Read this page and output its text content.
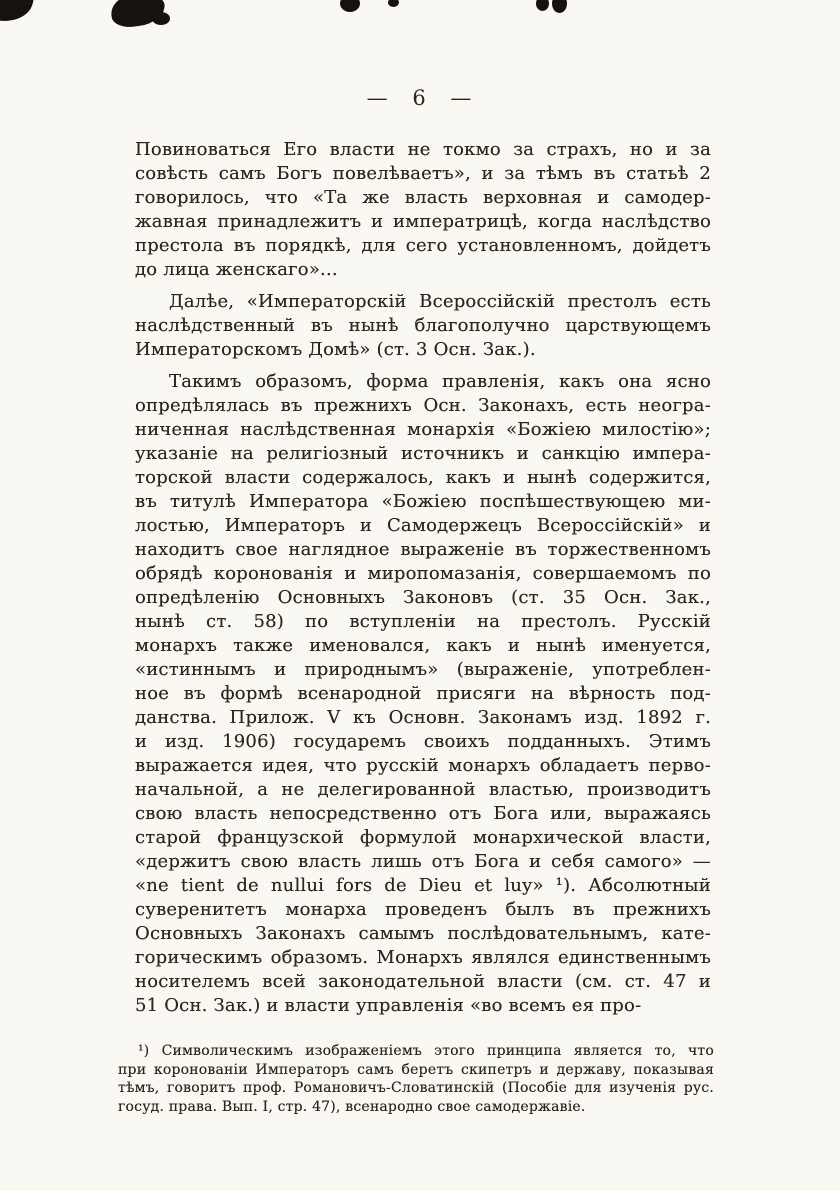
— 6 —
Повиноваться Его власти не токмо за страхъ, но и за
совѣсть самъ Богъ повелѣваетъ», и за тѣмъ въ статьѣ 2
говорилось, что «Та же власть верховная и самодер-
жавная принадлежитъ и императрицѣ, когда наслѣдство
престола въ порядкѣ, для сего установленномъ, дойдетъ
до лица женскаго»...
Далѣе, «Императорскій Всероссійскій престолъ есть
наслѣдственный въ нынѣ благополучно царствующемъ
Императорскомъ Домѣ» (ст. 3 Осн. Зак.).
Такимъ образомъ, форма правленія, какъ она ясно
опредѣлялась въ прежнихъ Осн. Законахъ, есть неогра-
ниченная наслѣдственная монархія «Божіею милостію»;
указаніе на религіозный источникъ и санкцію импера-
торской власти содержалось, какъ и нынѣ содержится,
въ титулѣ Императора «Божіею поспѣшествующею ми-
лостью, Императоръ и Самодержецъ Всероссійскій» и
находитъ свое наглядное выраженіе въ торжественномъ
обрядѣ коронованія и миропомазанія, совершаемомъ по
опредѣленію Основныхъ Законовъ (ст. 35 Осн. Зак.,
нынѣ ст. 58) по вступленіи на престолъ. Русскій
монархъ также именовался, какъ и нынѣ именуется,
«истиннымъ и природнымъ» (выраженіе, употреблен-
ное въ формѣ всенародной присяги на вѣрность под-
данства. Прилож. V къ Основн. Законамъ изд. 1892 г.
и изд. 1906) государемъ своихъ подданныхъ. Этимъ
выражается идея, что русскій монархъ обладаетъ перво-
начальной, а не делегированной властью, производитъ
свою власть непосредственно отъ Бога или, выражаясь
старой французской формулой монархической власти,
«держитъ свою власть лишь отъ Бога и себя самого» —
«ne tient de nullui fors de Dieu et luy» ¹). Абсолютный
суверенитетъ монарха проведенъ былъ въ прежнихъ
Основныхъ Законахъ самымъ послѣдовательнымъ, кате-
горическимъ образомъ. Монархъ являлся единственнымъ
носителемъ всей законодательной власти (см. ст. 47 и
51 Осн. Зак.) и власти управленія «во всемъ ея про-
¹) Символическимъ изображеніемъ этого принципа является то, что
при коронованіи Императоръ самъ беретъ скипетръ и державу, показывая
тѣмъ, говоритъ проф. Романовичъ-Словатинскій (Пособіе для изученія рус.
госуд. права. Вып. I, стр. 47), всенародно свое самодержавіе.
